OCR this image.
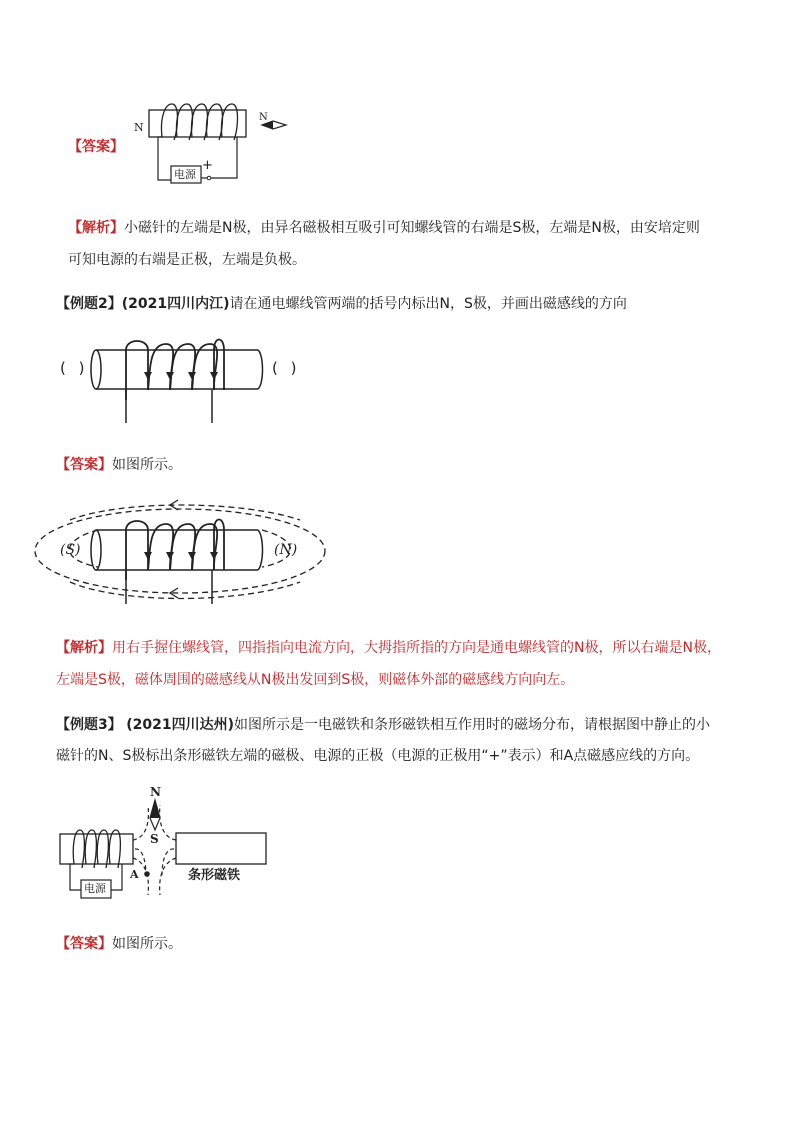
N
N
电源
+
【答案】
【解析】小磁针的左端是N极，由异名磁极相互吸引可知螺线管的右端是S极，左端是N极，由安培定则
可知电源的右端是正极，左端是负极。
【例题2】(2021四川内江)请在通电螺线管两端的括号内标出N，S极，并画出磁感线的方向
( )	( )
【答案】如图所示。
(S)	(N)
【解析】用右手握住螺线管，四指指向电流方向，大拇指所指的方向是通电螺线管的N极，所以右端是N极，
左端是S极，磁体周围的磁感线从N极出发回到S极，则磁体外部的磁感线方向向左。
【例题3】 (2021四川达州)如图所示是一电磁铁和条形磁铁相互作用时的磁场分布，请根据图中静止的小
磁针的N、S极标出条形磁铁左端的磁极、电源的正极（电源的正极用“+”表示）和A点磁感应线的方向。
N
S
A
电源
条形磁铁
【答案】如图所示。
